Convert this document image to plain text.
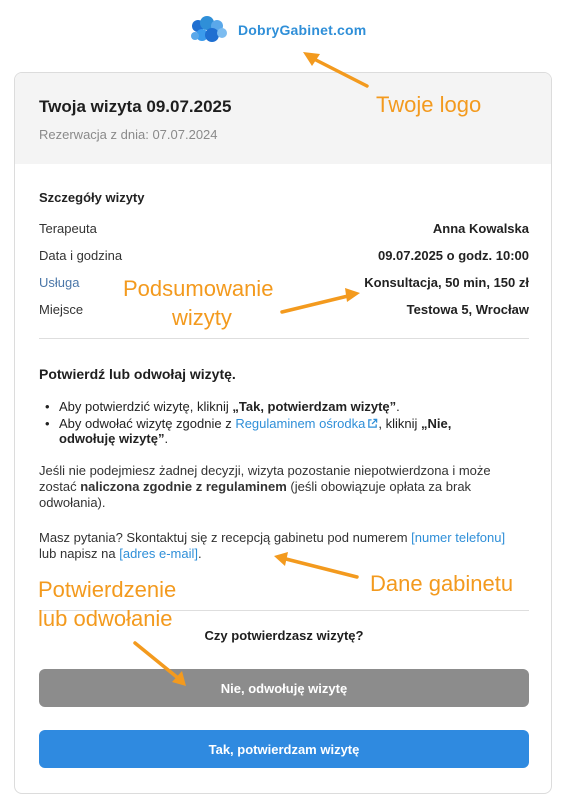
DobryGabinet.com
Twoja wizyta 09.07.2025
Rezerwacja z dnia: 07.07.2024
Szczegóły wizyty
Terapeuta	Anna Kowalska
Data i godzina	09.07.2025 o godz. 10:00
Usługa	Konsultacja, 50 min, 150 zł
Miejsce	Testowa 5, Wrocław
Potwierdź lub odwołaj wizytę.
• Aby potwierdzić wizytę, kliknij „Tak, potwierdzam wizytę”.
• Aby odwołać wizytę zgodnie z Regulaminem ośrodka , kliknij „Nie, odwołuję wizytę”.
Jeśli nie podejmiesz żadnej decyzji, wizyta pozostanie niepotwierdzona i może zostać naliczona zgodnie z regulaminem (jeśli obowiązuje opłata za brak odwołania).
Masz pytania? Skontaktuj się z recepcją gabinetu pod numerem [numer telefonu] lub napisz na [adres e-mail].
Czy potwierdzasz wizytę?
Nie, odwołuję wizytę
Tak, potwierdzam wizytę
Twoje logo
Podsumowanie
wizyty
Dane gabinetu
Potwierdzenie
lub odwołanie
